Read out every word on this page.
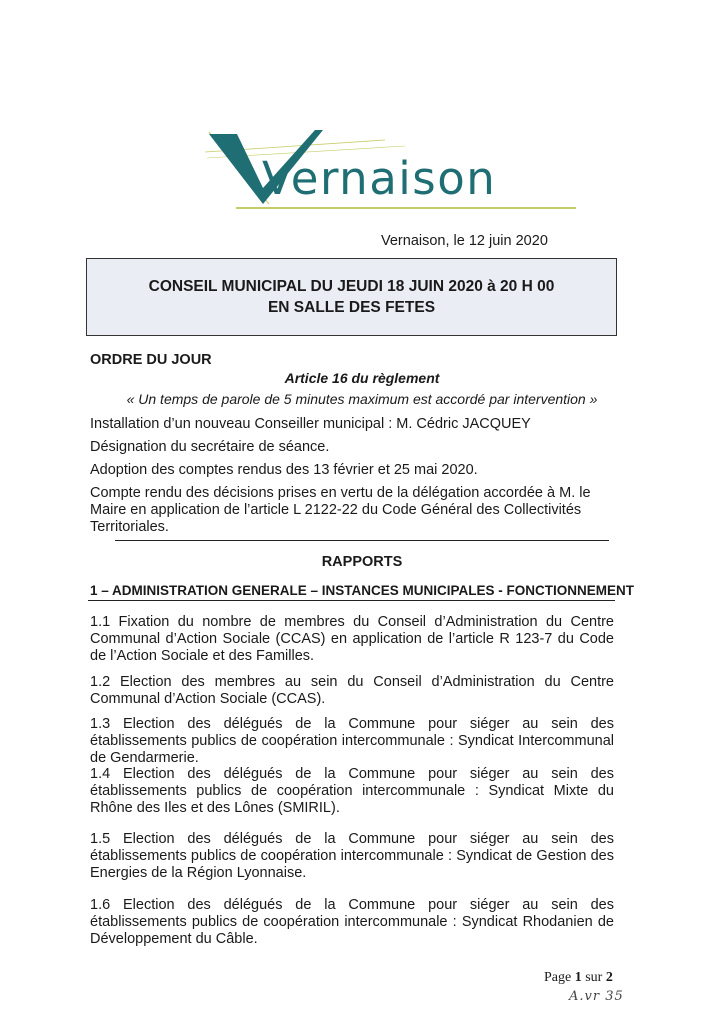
Vernaison
Vernaison, le 12 juin 2020
CONSEIL MUNICIPAL DU JEUDI 18 JUIN 2020 à 20 H 00
EN SALLE DES FETES
ORDRE DU JOUR
Article 16 du règlement
« Un temps de parole de 5 minutes maximum est accordé par intervention »
Installation d’un nouveau Conseiller municipal : M. Cédric JACQUEY
Désignation du secrétaire de séance.
Adoption des comptes rendus des 13 février et 25 mai 2020.
Compte rendu des décisions prises en vertu de la délégation accordée à M. le Maire en application de l’article L 2122-22 du Code Général des Collectivités Territoriales.
RAPPORTS
1 – ADMINISTRATION GENERALE – INSTANCES MUNICIPALES - FONCTIONNEMENT
1.1 Fixation du nombre de membres du Conseil d’Administration du Centre Communal d’Action Sociale (CCAS) en application de l’article R 123-7 du Code de l’Action Sociale et des Familles.
1.2 Election des membres au sein du Conseil d’Administration du Centre Communal d’Action Sociale (CCAS).
1.3 Election des délégués de la Commune pour siéger au sein des établissements publics de coopération intercommunale : Syndicat Intercommunal de Gendarmerie.
1.4 Election des délégués de la Commune pour siéger au sein des établissements publics de coopération intercommunale : Syndicat Mixte du Rhône des Iles et des Lônes (SMIRIL).
1.5 Election des délégués de la Commune pour siéger au sein des établissements publics de coopération intercommunale : Syndicat de Gestion des Energies de la Région Lyonnaise.
1.6 Election des délégués de la Commune pour siéger au sein des établissements publics de coopération intercommunale : Syndicat Rhodanien de Développement du Câble.
Page 1 sur 2
A.vr 35
